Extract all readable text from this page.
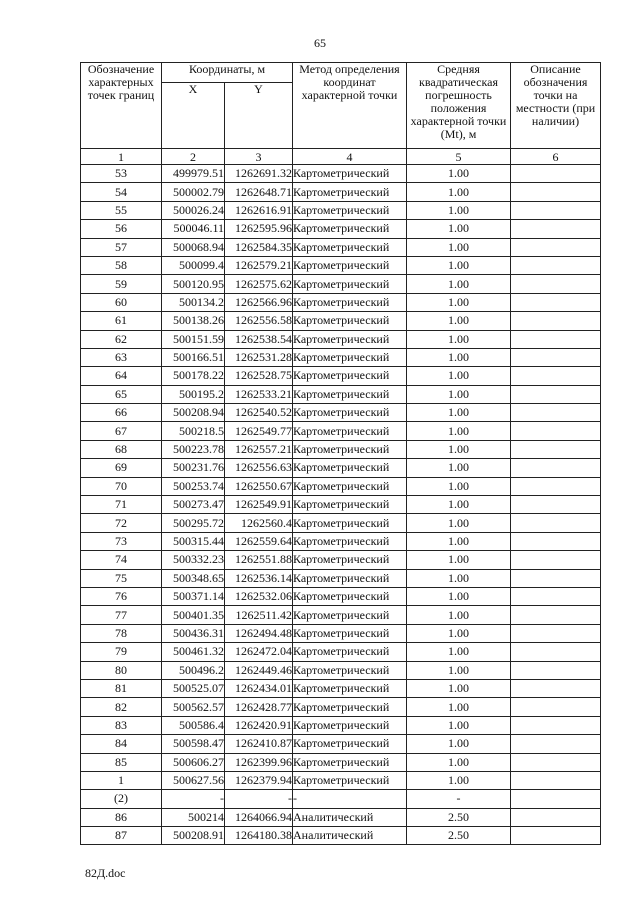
65
Обозначение характерных точек границ	Координаты, м		Метод определения координат характерной точки	Средняя квадратическая погрешность положения характерной точки (Mt), м	Описание обозначения точки на местности (при наличии)
	X	Y			
1	2	3	4	5	6
53	499979.51	1262691.32	Картометрический	1.00	
54	500002.79	1262648.71	Картометрический	1.00	
55	500026.24	1262616.91	Картометрический	1.00	
56	500046.11	1262595.96	Картометрический	1.00	
57	500068.94	1262584.35	Картометрический	1.00	
58	500099.4	1262579.21	Картометрический	1.00	
59	500120.95	1262575.62	Картометрический	1.00	
60	500134.2	1262566.96	Картометрический	1.00	
61	500138.26	1262556.58	Картометрический	1.00	
62	500151.59	1262538.54	Картометрический	1.00	
63	500166.51	1262531.28	Картометрический	1.00	
64	500178.22	1262528.75	Картометрический	1.00	
65	500195.2	1262533.21	Картометрический	1.00	
66	500208.94	1262540.52	Картометрический	1.00	
67	500218.5	1262549.77	Картометрический	1.00	
68	500223.78	1262557.21	Картометрический	1.00	
69	500231.76	1262556.63	Картометрический	1.00	
70	500253.74	1262550.67	Картометрический	1.00	
71	500273.47	1262549.91	Картометрический	1.00	
72	500295.72	1262560.4	Картометрический	1.00	
73	500315.44	1262559.64	Картометрический	1.00	
74	500332.23	1262551.88	Картометрический	1.00	
75	500348.65	1262536.14	Картометрический	1.00	
76	500371.14	1262532.06	Картометрический	1.00	
77	500401.35	1262511.42	Картометрический	1.00	
78	500436.31	1262494.48	Картометрический	1.00	
79	500461.32	1262472.04	Картометрический	1.00	
80	500496.2	1262449.46	Картометрический	1.00	
81	500525.07	1262434.01	Картометрический	1.00	
82	500562.57	1262428.77	Картометрический	1.00	
83	500586.4	1262420.91	Картометрический	1.00	
84	500598.47	1262410.87	Картометрический	1.00	
85	500606.27	1262399.96	Картометрический	1.00	
1	500627.56	1262379.94	Картометрический	1.00	
(2)	-	-	-	-	
86	500214	1264066.94	Аналитический	2.50	
87	500208.91	1264180.38	Аналитический	2.50	
82Д.doc
